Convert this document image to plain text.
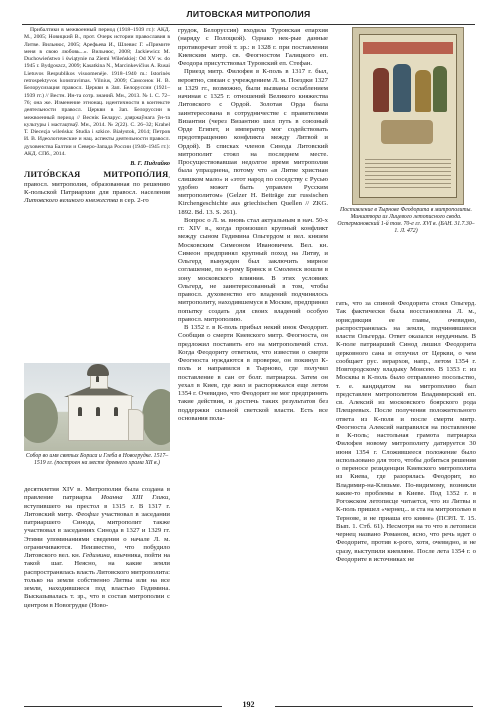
ЛИТОВСКАЯ МИТРОПОЛИЯ

Прибалтики в межвоенный период (1918–1939 гг.): АКД. М., 2005; Новицкий В., прот. Очерк истории православия в Литве. Вильнюс, 2005; Арефьева И., Шлевис Г. «Примите меня в свою любовь...». Вильнюс, 2008; Jackiewicz M. Duchowieństwo i świątynie na Ziemi Wileńskiej: Od XV w. do 1945 r. Bydgoszcz, 2009; Kasatkina N., Marcinkevičius A. Rusai Lietuvos Respublikos visuomenėje. 1918–1940 m.: Istorinės retrospektyvos konstravimas. Vilnius, 2009; Самсонок Н. В. Белорусизация правосл. Церкви в Зап. Белоруссии (1921–1939 гг.) // Вестн. Ин-та сотр. знаний. Мн., 2013. № 1. С. 72–76; она же. Изменение этнонац. идентичности в контексте деятельности правосл. Церкви в Зап. Белоруссии в межвоенный период // Веснік Беларус. дзяржаўнага ўн-та культуры і мастацтваў. Мн., 2014. № 2(22). С. 26–32; Krahel T. Diecezja wileńska: Studia i szkice. Białystok, 2014; Петров И. В. Идеологические и нац. аспекты деятельности правосл. духовенства Балтии и Северо-Запада России (1940–1945 гг.): АКД. СПб., 2014.

В. Г. Пидгайко

ЛИТО́ВСКАЯ МИТРОПО́ЛИЯ, правосл. митрополия, образованная по решению К-польской Патриархии для правосл. населения Литовского великого княжества в сер. 2-го

Собор во имя святых Бориса и Глеба в Новогрудке. 1517–1519 гг. (построен на месте древнего храма XII в.)

десятилетия XIV в. Митрополия была создана в правление патриарха Иоанна XIII Глики, вступившего на престол в 1315 г. В 1317 г. Литовский митр. Феофил участвовал в заседании патриаршего Синода, митрополит также участвовал в заседаниях Синода в 1327 и 1329 гг. Этими упоминаниями сведения о начале Л. м. ограничиваются. Неизвестно, что побудило Литовского вел. кн. Гедимина, язычника, пойти на такой шаг. Неясно, на какие земли распространялась власть Литовского митрополита: только на земли собственно Литвы или на все земли, находившиеся под властью Гедимина. Высказывалась т. зр., что в состав митрополии с центром в Новогрудке (Ново-

грудок, Белоруссия) входила Туровская епархия (наряду с Полоцкой). Однако нек-рые данные противоречат этой т. зр.: в 1328 г. при поставлении Киевским митр. св. Феогностом Галицкого еп. Феодора присутствовал Туровский еп. Стефан.

Приезд митр. Филофея в К-поль в 1317 г. был, вероятно, связан с учреждением Л. м. Поездки 1327 и 1329 гг., возможно, были вызваны ослаблением начиная с 1325 г. отношений Великого княжества Литовского с Ордой. Золотая Орда была заинтересована в сотрудничестве с правителями Византии (через Византию шел путь в союзный Орде Египет, и император мог содействовать предотвращению конфликта между Литвой и Ордой). В списках членов Синода Литовский митрополит стоял на последнем месте. Просуществовавшая недолгое время митрополия была упразднена, потому что «в Литве христиан слишком мало» и «этот народ по соседству с Русью удобно может быть управлен Русским митрополитом» (Gelzer H. Beiträge zur russischen Kirchengeschichte aus griechischen Quellen // ZKG. 1892. Bd. 13. S. 261).

Вопрос о Л. м. вновь стал актуальным в нач. 50-х гг. XIV в., когда произошел крупный конфликт между сыном Гедимина Ольгердом и вел. князем Московским Симеоном Ивановичем. Вел. кн. Симеон предпринял крупный поход на Литву, и Ольгерд вынужден был заключить мирное соглашение, по к-рому Брянск и Смоленск вошли в зону московского влияния. В этих условиях Ольгерд, не заинтересованный в том, чтобы правосл. духовенство его владений подчинялось митрополиту, находившемуся в Москве, предпринял попытку создать для своих владений особую правосл. митрополию.

В 1352 г. в К-поль прибыл некий инок Феодорит. Сообщив о смерти Киевского митр. Феогноста, он предложил поставить его на митрополичий стол. Когда Феодориту ответили, что известия о смерти Феогноста нуждаются в проверке, он покинул К-поль и направился в Тырново, где получил поставление в сан от болг. патриарха. Затем он уехал в Киев, где жил и распоряжался еще летом 1354 г. Очевидно, что Феодорит не мог предпринять такие действия, и достичь таких результатов без поддержки сильной светской власти. Есть все основания пола-

Поставление в Тырнове Феодорита в митрополиты. Миниатюра из Лицевого летописного свода. Остермановский 1-й том. 70-е гг. XVI в. (БАН. 31.7.30–1. Л. 472)

гать, что за спиной Феодорита стоял Ольгерд. Так фактически была восстановлена Л. м., юрисдикция ее главы, очевидно, распространялась на земли, подчинявшиеся власти Ольгерда. Ответ оказался неудачным. В К-поле патриарший Синод лишил Феодорита церковного сана и отлучил от Церкви, о чем сообщает рус. иерархов, напр., летом 1354 г. Новгородскому владыку Моисею. В 1353 г. из Москвы в К-поль было отправлено посольство, т. е. кандидатом на митрополию был представлен митрополитом Владимирский еп. св. Алексий из московского боярского рода Плещеевых. После получения положительного ответа из К-поля и после смерти митр. Феогноста Алексий направился на поставление в К-поль; настольная грамота патриарха Филофея новому митрополиту датируется 30 июня 1354 г. Сложившееся положение было использовано для того, чтобы добиться решения о переносе резиденции Киевского митрополита из Киева, где разорялась Феодорит, во Владимир-на-Клязьме. По-видимому, возникли какие-то проблемы в Киеве. Под 1352 г. в Рогожском летописце читается, что из Литвы в К-поль пришел «чернец... и ста на митрополью в Тернове, и не приаша его кияне» (ПСРЛ. Т. 15. Вып. 1. Стб. 61). Несмотря на то что в летописи чернец названо Романом, ясно, что речь идет о Феодорите, против к-рого, хотя, очевидно, и не сразу, выступили киевляне. После лета 1354 г. о Феодорите в источниках не

192
